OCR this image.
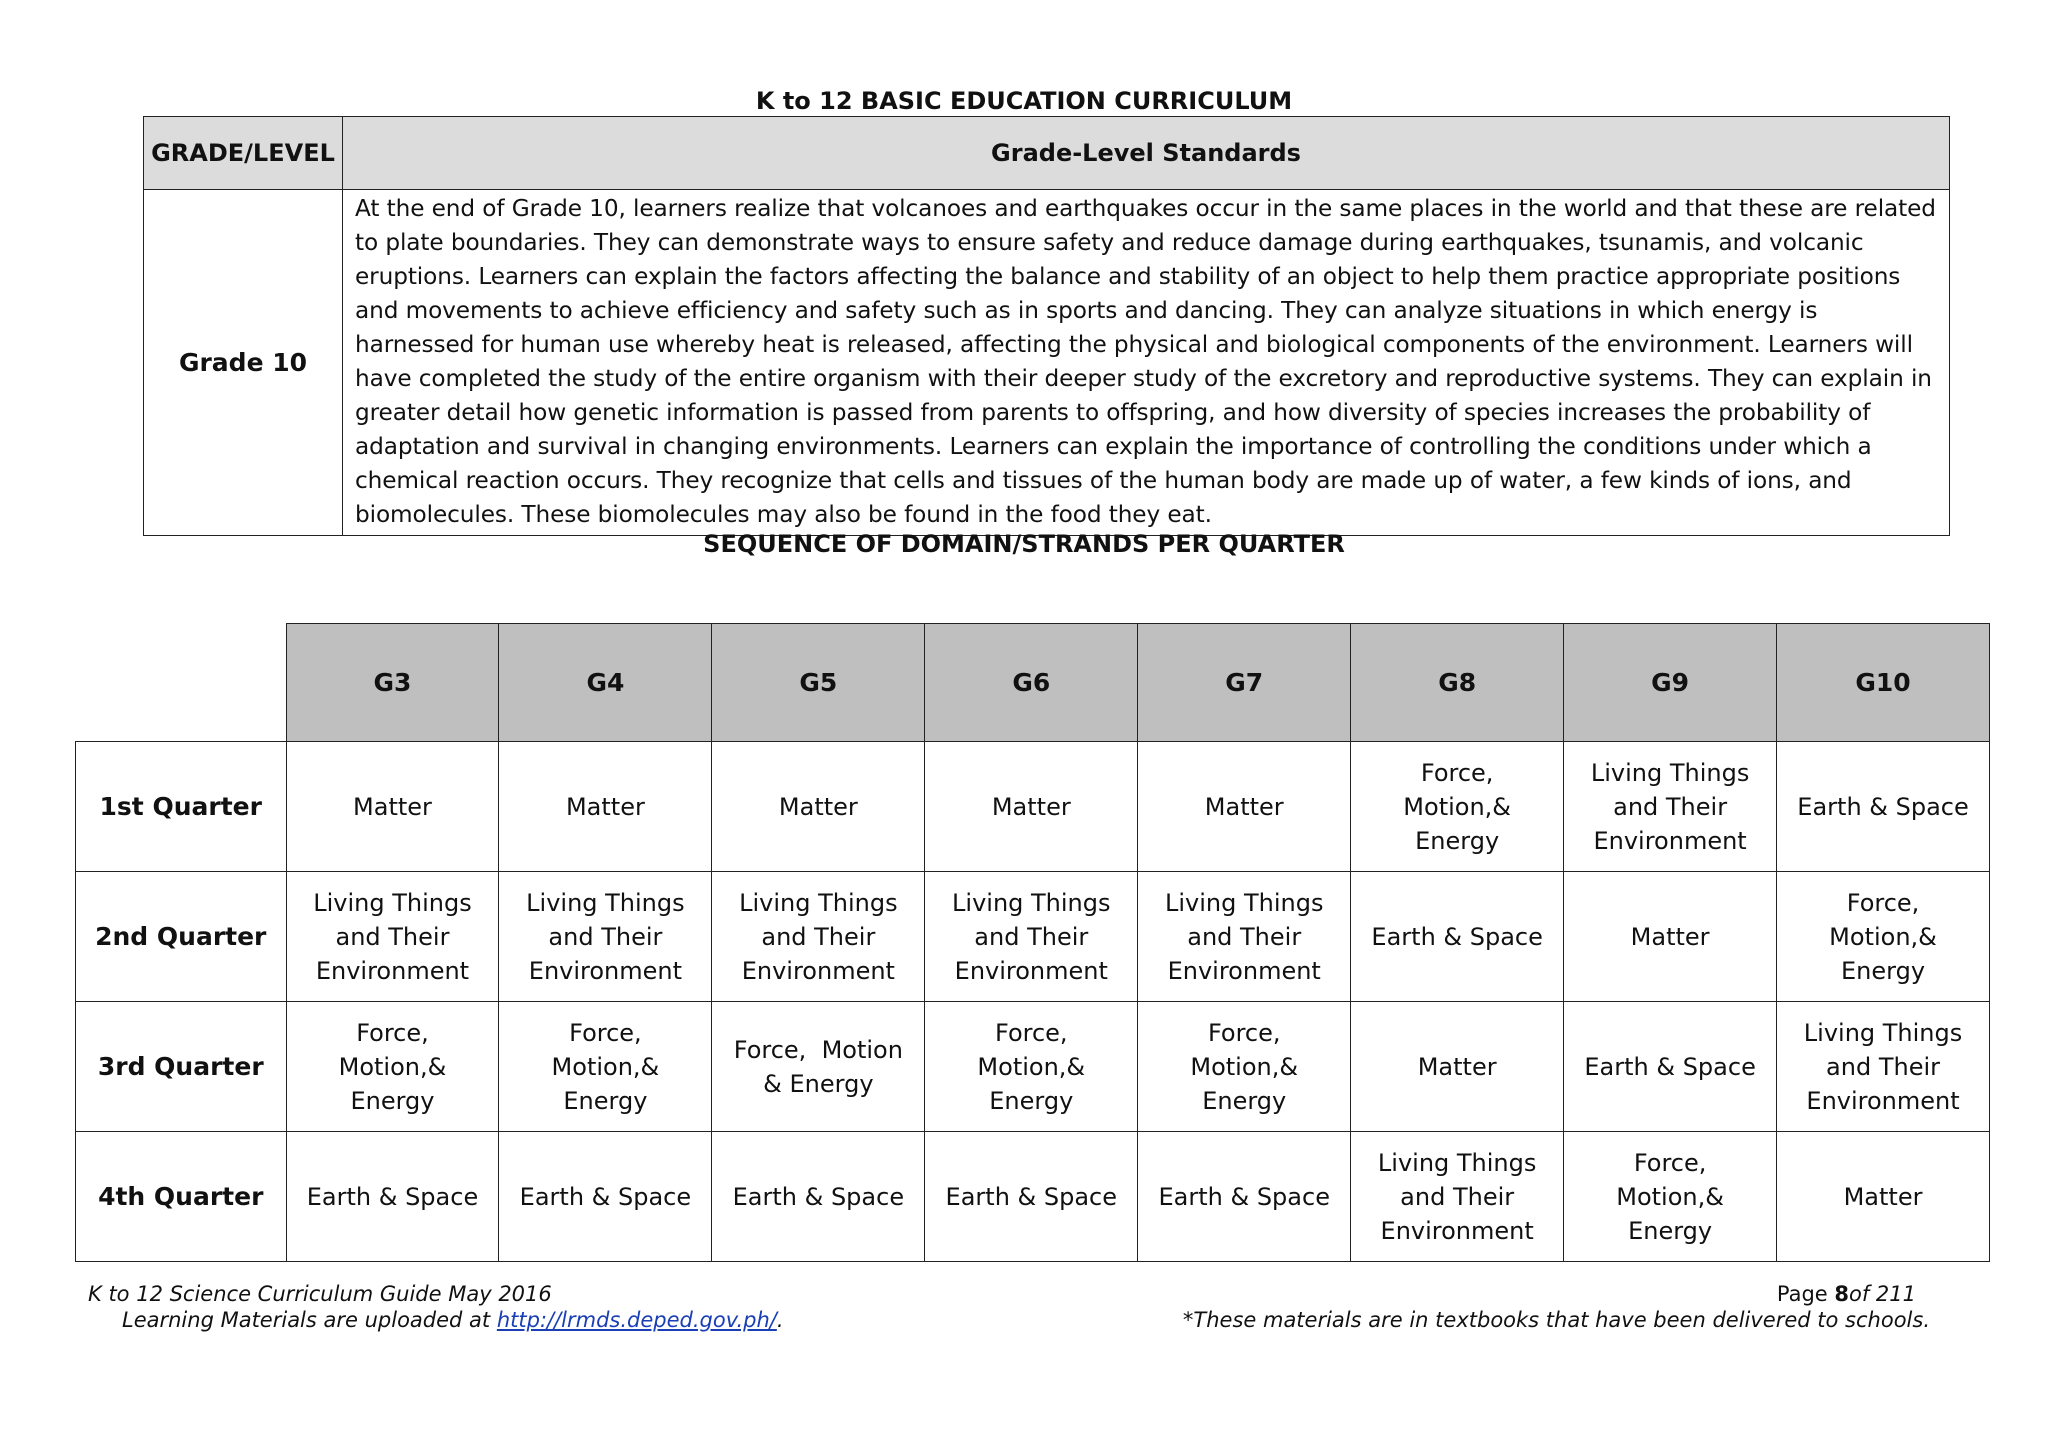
K to 12 BASIC EDUCATION CURRICULUM
GRADE/LEVEL	Grade-Level Standards
Grade 10	At the end of Grade 10, learners realize that volcanoes and earthquakes occur in the same places in the world and that these are related to plate boundaries. They can demonstrate ways to ensure safety and reduce damage during earthquakes, tsunamis, and volcanic eruptions. Learners can explain the factors affecting the balance and stability of an object to help them practice appropriate positions and movements to achieve efficiency and safety such as in sports and dancing. They can analyze situations in which energy is harnessed for human use whereby heat is released, affecting the physical and biological components of the environment. Learners will have completed the study of the entire organism with their deeper study of the excretory and reproductive systems. They can explain in greater detail how genetic information is passed from parents to offspring, and how diversity of species increases the probability of adaptation and survival in changing environments. Learners can explain the importance of controlling the conditions under which a chemical reaction occurs. They recognize that cells and tissues of the human body are made up of water, a few kinds of ions, and biomolecules. These biomolecules may also be found in the food they eat.
SEQUENCE OF DOMAIN/STRANDS PER QUARTER
	G3	G4	G5	G6	G7	G8	G9	G10
1st Quarter	Matter	Matter	Matter	Matter	Matter	Force, Motion,& Energy	Living Things and Their Environment	Earth & Space
2nd Quarter	Living Things and Their Environment	Living Things and Their Environment	Living Things and Their Environment	Living Things and Their Environment	Living Things and Their Environment	Earth & Space	Matter	Force, Motion,& Energy
3rd Quarter	Force, Motion,& Energy	Force,  Motion,& Energy	Force,  Motion & Energy	Force,  Motion,& Energy	Force,  Motion,& Energy	Matter	Earth & Space	Living Things and Their Environment
4th Quarter	Earth & Space	Earth & Space	Earth & Space	Earth & Space	Earth & Space	Living Things and Their Environment	Force, Motion,& Energy	Matter
K to 12 Science Curriculum Guide May 2016
Learning Materials are uploaded at http://lrmds.deped.gov.ph/.
Page 8of 211
*These materials are in textbooks that have been delivered to schools.
